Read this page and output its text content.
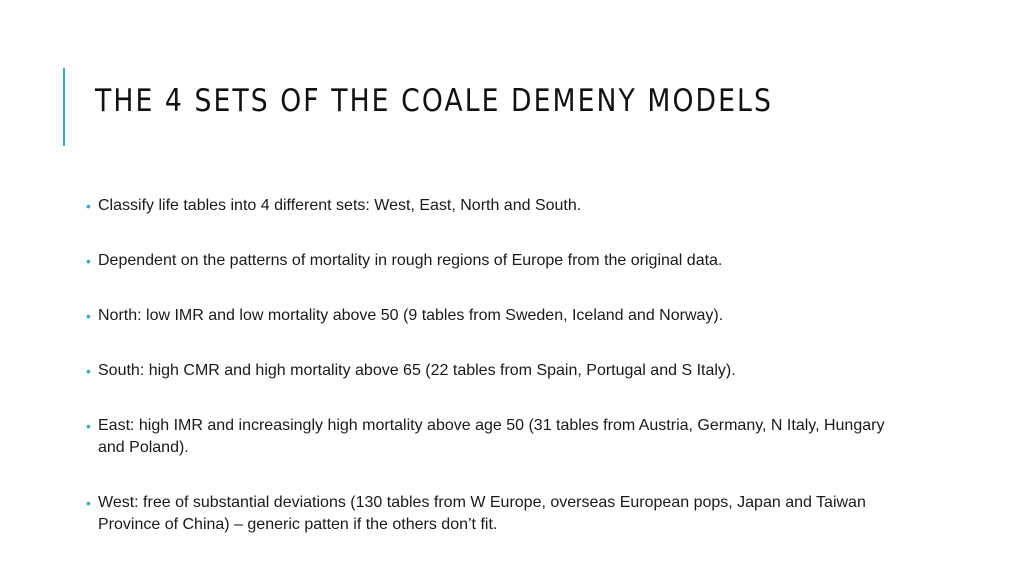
THE 4 SETS OF THE COALE DEMENY MODELS
• Classify life tables into 4 different sets: West, East, North and South.
• Dependent on the patterns of mortality in rough regions of Europe from the original data.
• North: low IMR and low mortality above 50 (9 tables from Sweden, Iceland and Norway).
• South: high CMR and high mortality above 65 (22 tables from Spain, Portugal and S Italy).
• East: high IMR and increasingly high mortality above age 50 (31 tables from Austria, Germany, N Italy, Hungary and Poland).
• West: free of substantial deviations (130 tables from W Europe, overseas European pops, Japan and Taiwan Province of China) – generic patten if the others don’t fit.
